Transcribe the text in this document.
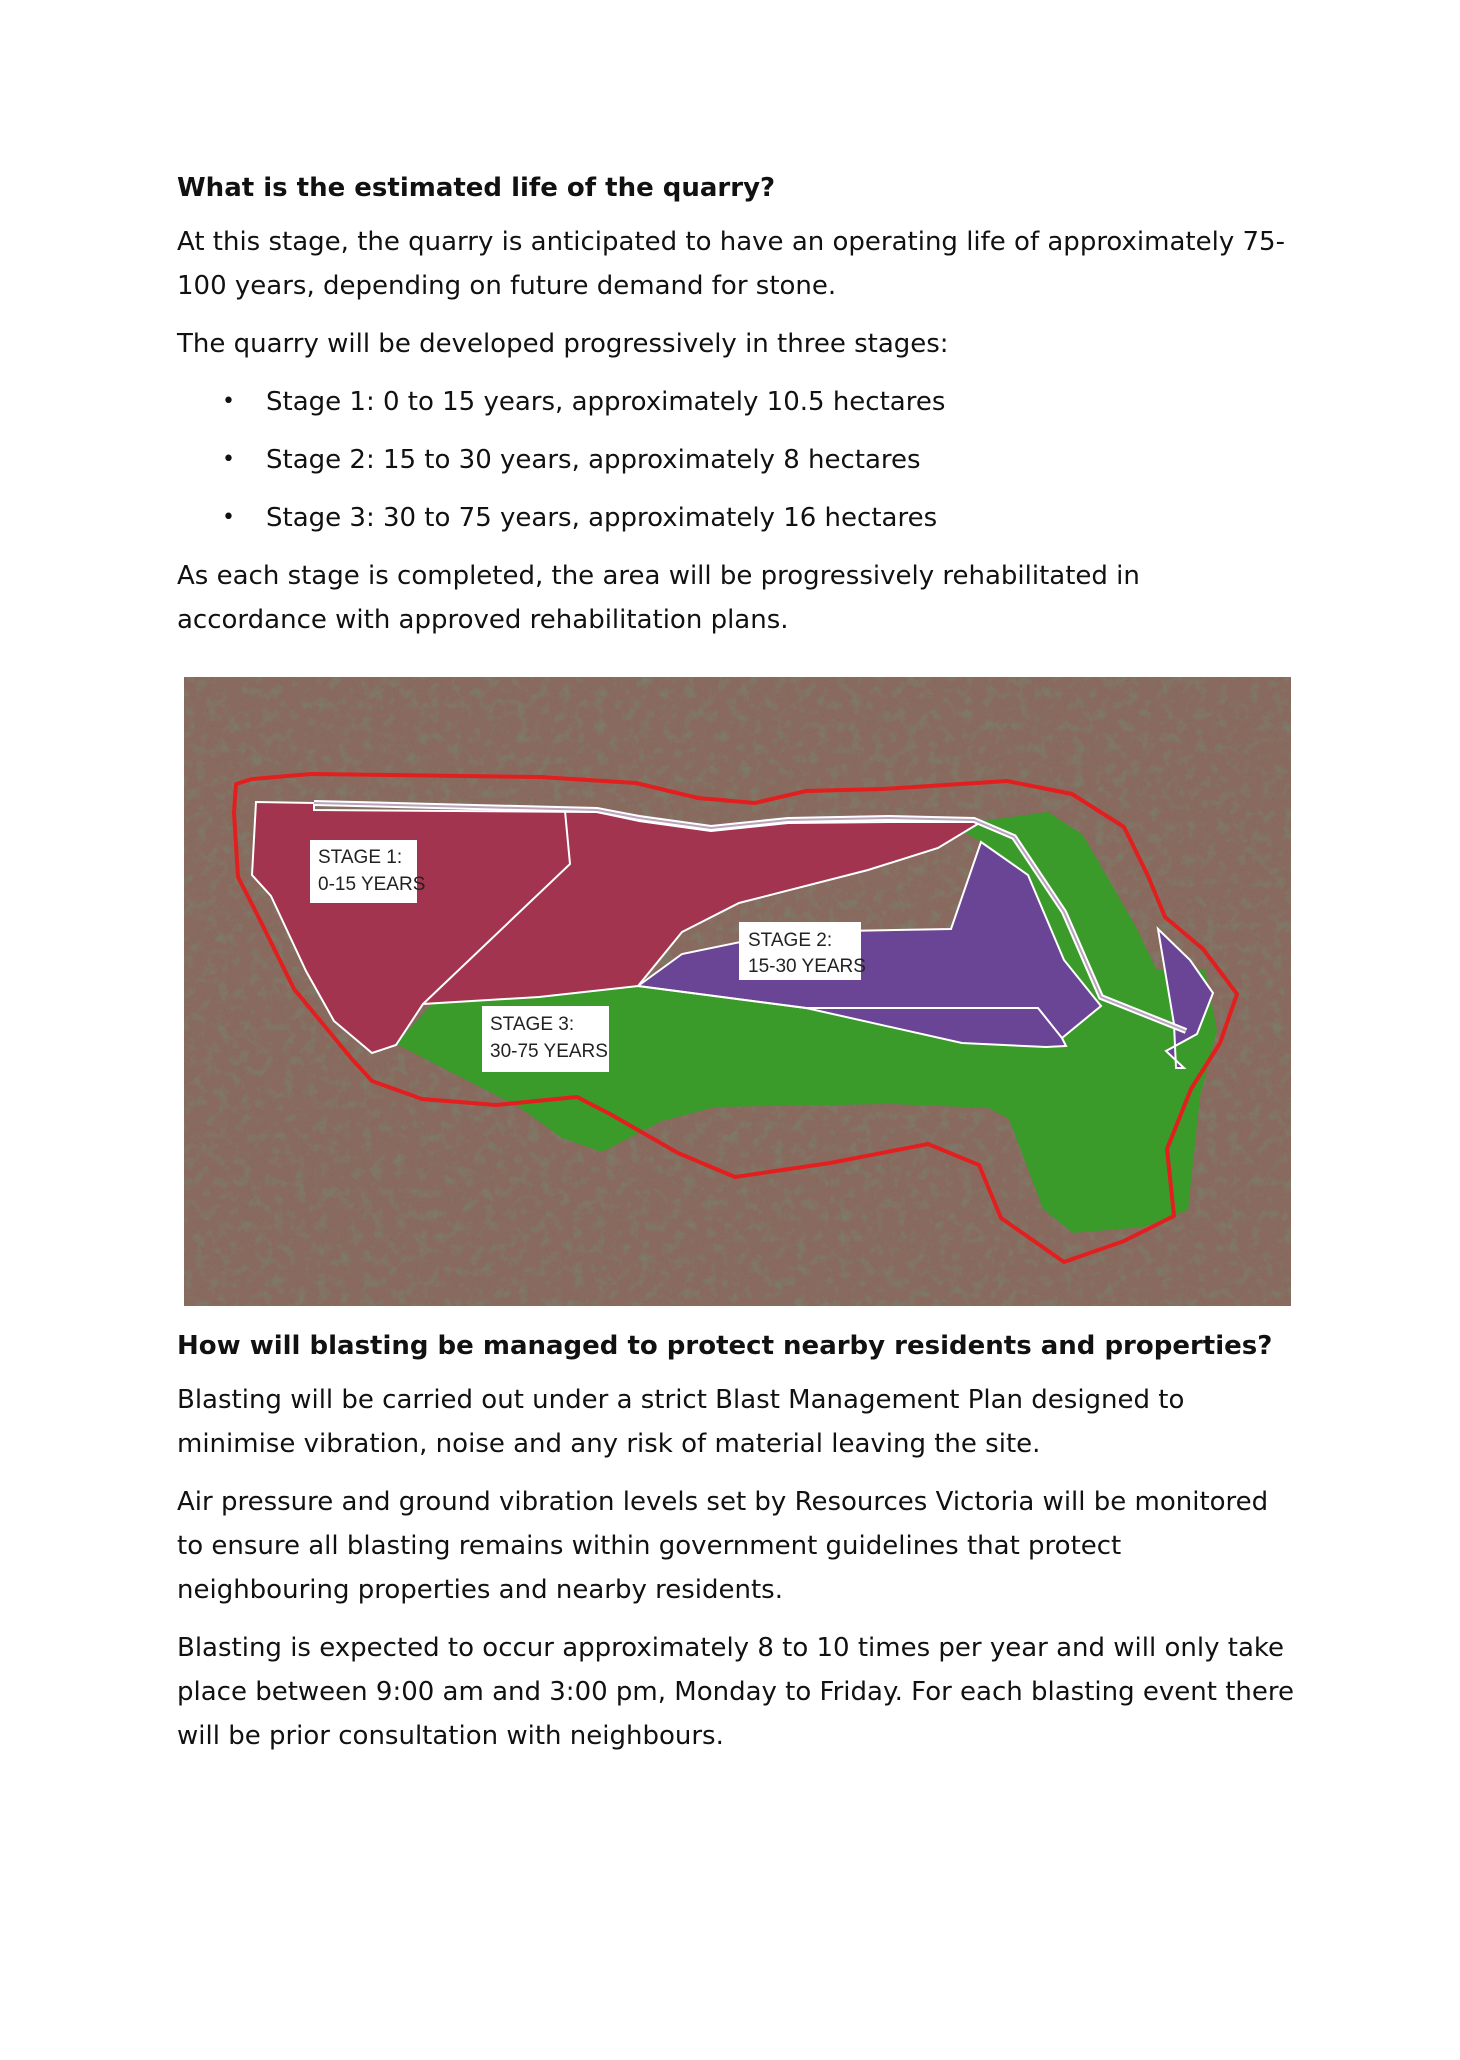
What is the estimated life of the quarry?

At this stage, the quarry is anticipated to have an operating life of approximately 75-100 years, depending on future demand for stone.

The quarry will be developed progressively in three stages:

• Stage 1: 0 to 15 years, approximately 10.5 hectares
• Stage 2: 15 to 30 years, approximately 8 hectares
• Stage 3: 30 to 75 years, approximately 16 hectares

As each stage is completed, the area will be progressively rehabilitated in accordance with approved rehabilitation plans.

STAGE 1:
0-15 YEARS
STAGE 2:
15-30 YEARS
STAGE 3:
30-75 YEARS
How will blasting be managed to protect nearby residents and properties?

Blasting will be carried out under a strict Blast Management Plan designed to minimise vibration, noise and any risk of material leaving the site.

Air pressure and ground vibration levels set by Resources Victoria will be monitored to ensure all blasting remains within government guidelines that protect neighbouring properties and nearby residents.

Blasting is expected to occur approximately 8 to 10 times per year and will only take place between 9:00 am and 3:00 pm, Monday to Friday. For each blasting event there will be prior consultation with neighbours.
